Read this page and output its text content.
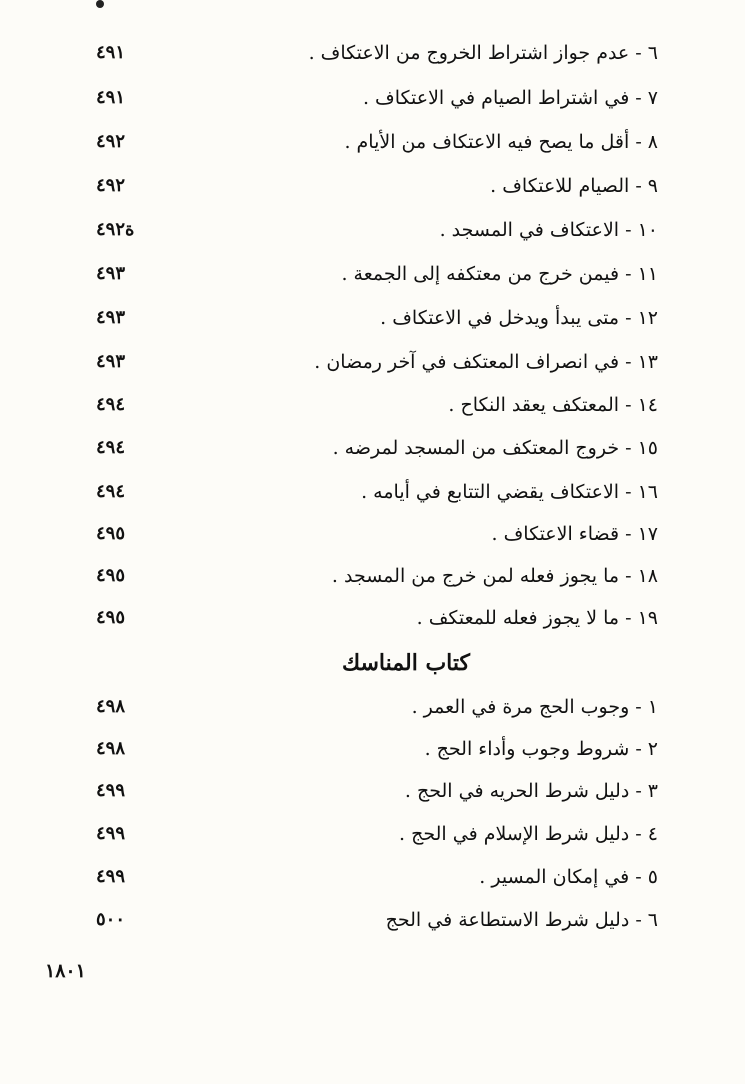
٦ - عدم جواز اشتراط الخروج من الاعتكاف .
٤٩١
٧ - في اشتراط الصيام في الاعتكاف .
٤٩١
٨ - أقل ما يصح فيه الاعتكاف من الأيام .
٤٩٢
٩ - الصيام للاعتكاف .
٤٩٢
١٠ - الاعتكاف في المسجد .
ة٤٩٢
١١ - فيمن خرج من معتكفه إلى الجمعة .
٤٩٣
١٢ - متى يبدأ ويدخل في الاعتكاف .
٤٩٣
١٣ - في انصراف المعتكف في آخر رمضان .
٤٩٣
١٤ - المعتكف يعقد النكاح .
٤٩٤
١٥ - خروج المعتكف من المسجد لمرضه .
٤٩٤
١٦ - الاعتكاف يقضي التتابع في أيامه .
٤٩٤
١٧ - قضاء الاعتكاف .
٤٩٥
١٨ - ما يجوز فعله لمن خرج من المسجد .
٤٩٥
١٩ - ما لا يجوز فعله للمعتكف .
٤٩٥
كتاب المناسك
١ - وجوب الحج مرة في العمر .
٤٩٨
٢ - شروط وجوب وأداء الحج .
٤٩٨
٣ - دليل شرط الحريه في الحج .
٤٩٩
٤ - دليل شرط الإسلام في الحج .
٤٩٩
٥ - في إمكان المسير .
٤٩٩
٦ - دليل شرط الاستطاعة في الحج
٥٠٠
١٨٠١
